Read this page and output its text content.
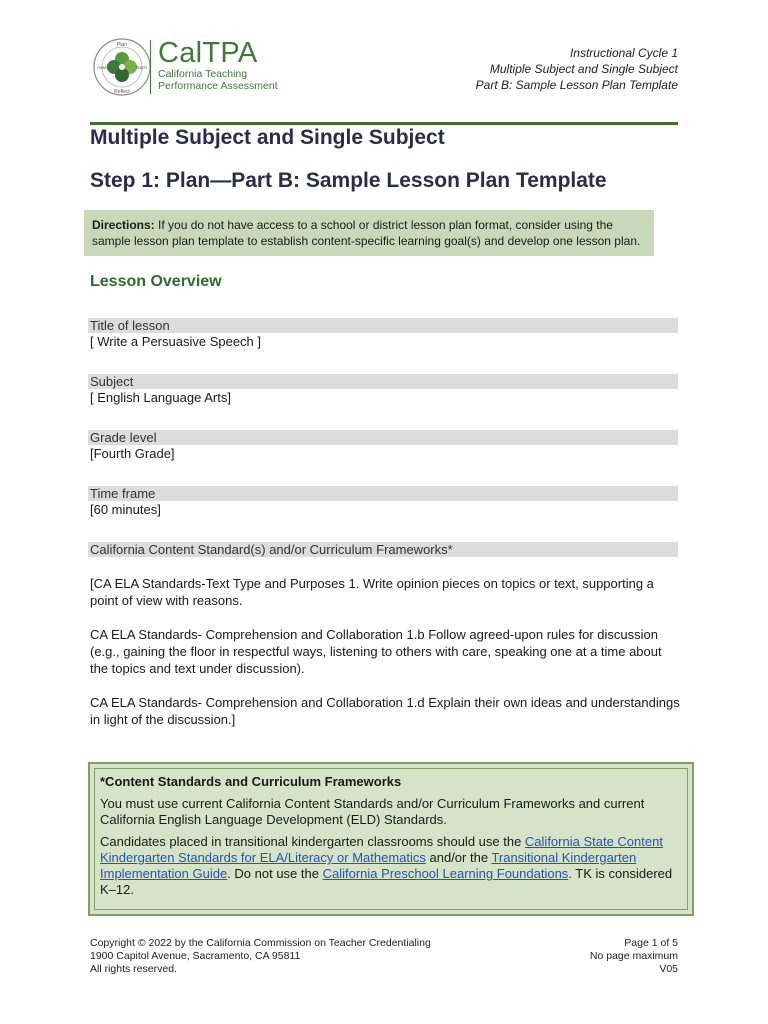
Plan
Reflect
Assess	Teach CalTPA
California Teaching
Performance Assessment
Instructional Cycle 1
Multiple Subject and Single Subject
Part B: Sample Lesson Plan Template
Multiple Subject and Single Subject
Step 1: Plan—Part B: Sample Lesson Plan Template
Directions: If you do not have access to a school or district lesson plan format, consider using the sample lesson plan template to establish content-specific learning goal(s) and develop one lesson plan.
Lesson Overview
Title of lesson
[ Write a Persuasive Speech ]
Subject
[ English Language Arts]
Grade level
[Fourth Grade]
Time frame
[60 minutes]
California Content Standard(s) and/or Curriculum Frameworks*
[CA ELA Standards-Text Type and Purposes 1. Write opinion pieces on topics or text, supporting a point of view with reasons.
CA ELA Standards- Comprehension and Collaboration 1.b Follow agreed-upon rules for discussion (e.g., gaining the floor in respectful ways, listening to others with care, speaking one at a time about the topics and text under discussion).
CA ELA Standards- Comprehension and Collaboration 1.d Explain their own ideas and understandings in light of the discussion.]
*Content Standards and Curriculum Frameworks

You must use current California Content Standards and/or Curriculum Frameworks and current California English Language Development (ELD) Standards.

Candidates placed in transitional kindergarten classrooms should use the California State Content Kindergarten Standards for ELA/Literacy or Mathematics and/or the Transitional Kindergarten Implementation Guide. Do not use the California Preschool Learning Foundations. TK is considered K–12.

Copyright © 2022 by the California Commission on Teacher Credentialing
1900 Capitol Avenue, Sacramento, CA 95811
All rights reserved.
Page 1 of 5
No page maximum
V05
